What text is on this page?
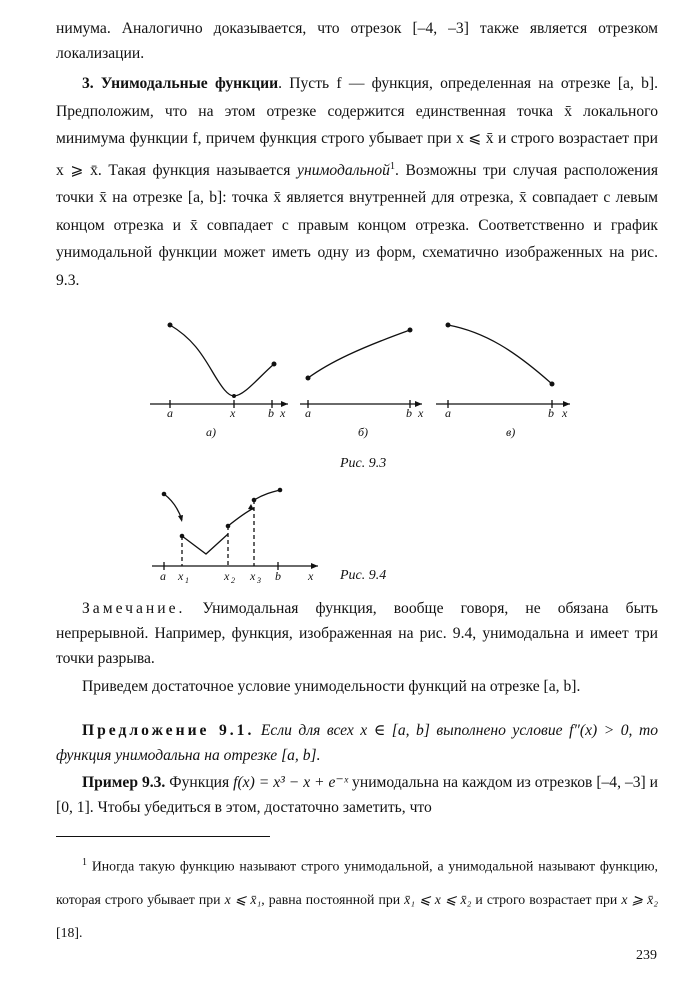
нимума. Аналогично доказывается, что отрезок [–4, –3] также является отрезком локализации.

3. Унимодальные функции. Пусть f — функция, определенная на отрезке [a, b]. Предположим, что на этом отрезке содержится единственная точка x̄ локального минимума функции f, причем функция строго убывает при x ⩽ x̄ и строго возрастает при x ⩾ x̄. Такая функция называется унимодальной$^1$. Возможны три случая расположения точки x̄ на отрезке [a, b]: точка x̄ является внутренней для отрезка, x̄ совпадает с левым концом отрезка и x̄ совпадает с правым концом отрезка. Соответственно и график унимодальной функции может иметь одну из форм, схематично изображенных на рис. 9.3.

a	x	b x
а)
a	b x
б)
a	b x
в)
Рис. 9.3
a x 1	x 2 x 3 b x Рис. 9.4

Замечание. Унимодальная функция, вообще говоря, не обязана быть непрерывной. Например, функция, изображенная на рис. 9.4, унимодальна и имеет три точки разрыва.

Приведем достаточное условие унимодельности функций на отрезке [a, b].

Предложение 9.1. Если для всех x ∈ [a, b] выполнено условие f″(x) > 0, то функция унимодальна на отрезке [a, b].

Пример 9.3. Функция f(x) = x³ − x + e⁻ˣ унимодальна на каждом из отрезков [–4, –3] и [0, 1]. Чтобы убедиться в этом, достаточно заметить, что

$^1$ Иногда такую функцию называют строго унимодальной, а унимодальной называют функцию, которая строго убывает при x ⩽ x̄₁, равна постоянной при x̄₁ ⩽ x ⩽ x̄₂ и строго возрастает при x ⩾ x̄₂ [18].

239
